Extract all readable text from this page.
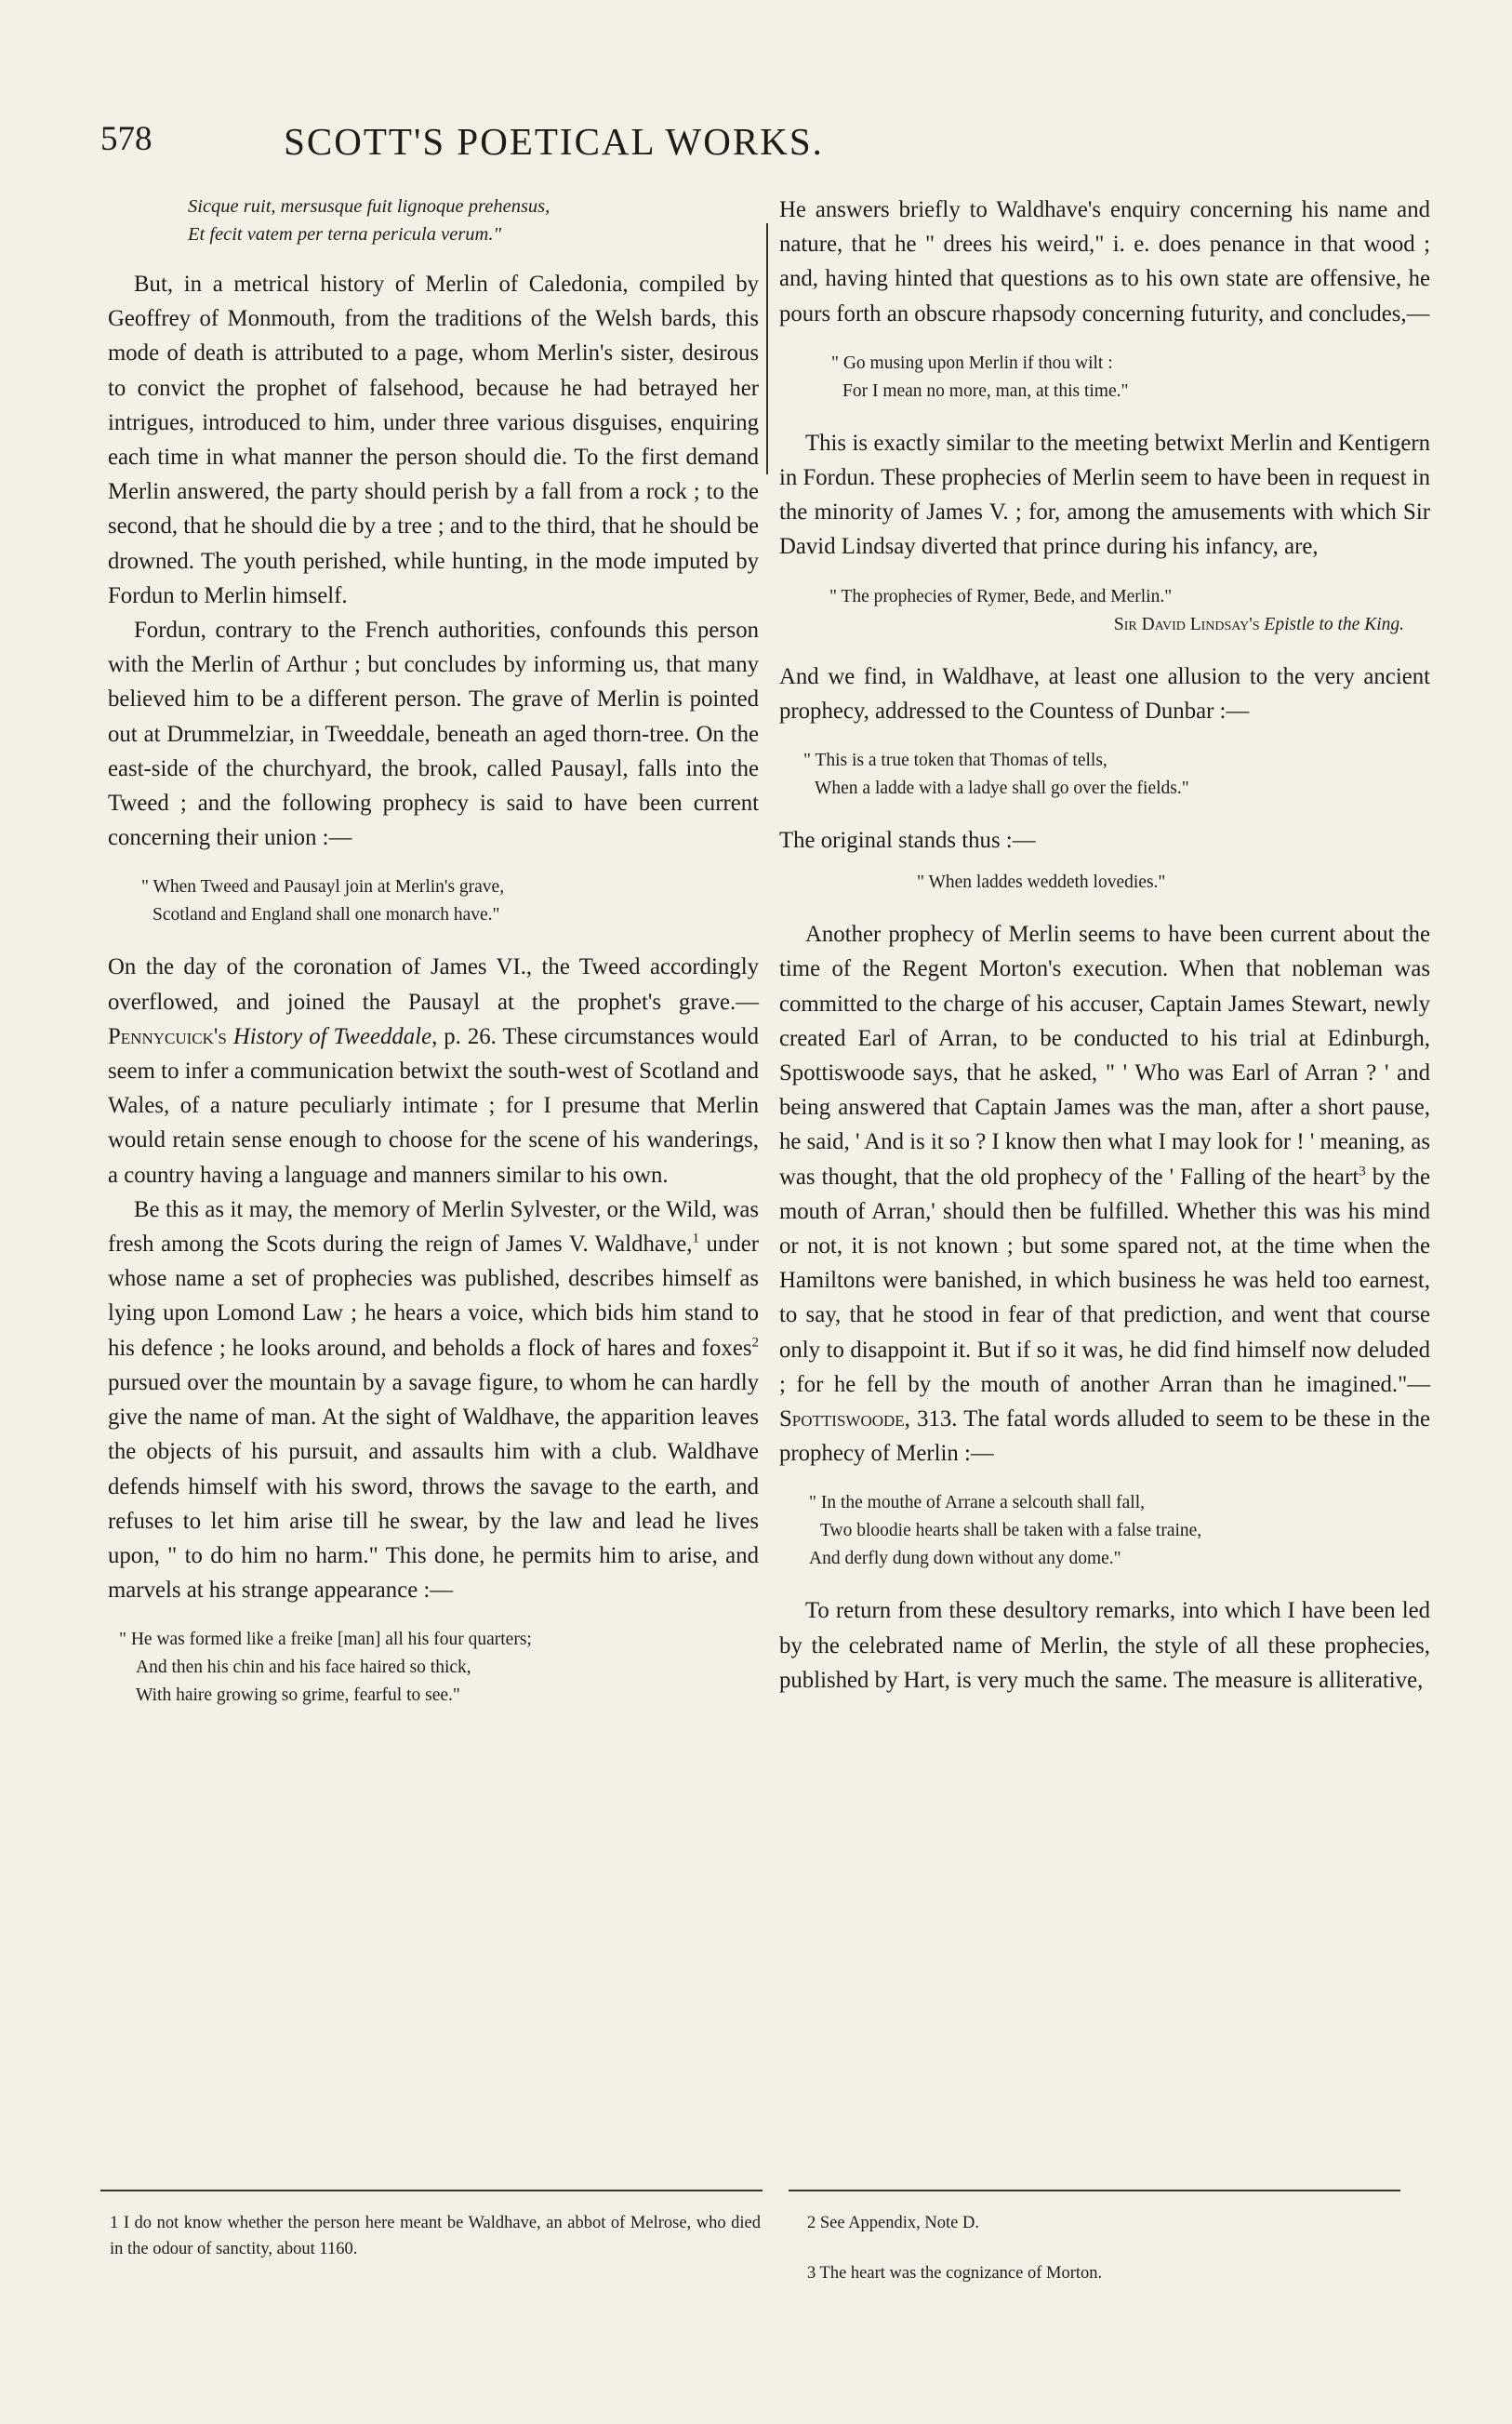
578	SCOTT'S POETICAL WORKS.
Sicque ruit, mersusque fuit lignoque prehensus,
Et fecit vatem per terna pericula verum."

But, in a metrical history of Merlin of Caledonia, compiled by Geoffrey of Monmouth, from the traditions of the Welsh bards, this mode of death is attributed to a page, whom Merlin's sister, desirous to convict the prophet of falsehood, because he had betrayed her intrigues, introduced to him, under three various disguises, enquiring each time in what manner the person should die. To the first demand Merlin answered, the party should perish by a fall from a rock ; to the second, that he should die by a tree ; and to the third, that he should be drowned. The youth perished, while hunting, in the mode imputed by Fordun to Merlin himself.

Fordun, contrary to the French authorities, confounds this person with the Merlin of Arthur ; but concludes by informing us, that many believed him to be a different person. The grave of Merlin is pointed out at Drummelziar, in Tweeddale, beneath an aged thorn-tree. On the east-side of the churchyard, the brook, called Pausayl, falls into the Tweed ; and the following prophecy is said to have been current concerning their union :—

" When Tweed and Pausayl join at Merlin's grave,
Scotland and England shall one monarch have."

On the day of the coronation of James VI., the Tweed accordingly overflowed, and joined the Pausayl at the prophet's grave.—Pennycuick's History of Tweeddale, p. 26. These circumstances would seem to infer a communication betwixt the south-west of Scotland and Wales, of a nature peculiarly intimate ; for I presume that Merlin would retain sense enough to choose for the scene of his wanderings, a country having a language and manners similar to his own.

Be this as it may, the memory of Merlin Sylvester, or the Wild, was fresh among the Scots during the reign of James V. Waldhave,$^1$ under whose name a set of prophecies was published, describes himself as lying upon Lomond Law ; he hears a voice, which bids him stand to his defence ; he looks around, and beholds a flock of hares and foxes$^2$ pursued over the mountain by a savage figure, to whom he can hardly give the name of man. At the sight of Waldhave, the apparition leaves the objects of his pursuit, and assaults him with a club. Waldhave defends himself with his sword, throws the savage to the earth, and refuses to let him arise till he swear, by the law and lead he lives upon, " to do him no harm." This done, he permits him to arise, and marvels at his strange appearance :—

" He was formed like a freike [man] all his four quarters;
And then his chin and his face haired so thick,
With haire growing so grime, fearful to see."

He answers briefly to Waldhave's enquiry concerning his name and nature, that he " drees his weird," i. e. does penance in that wood ; and, having hinted that questions as to his own state are offensive, he pours forth an obscure rhapsody concerning futurity, and concludes,—

" Go musing upon Merlin if thou wilt :
For I mean no more, man, at this time."

This is exactly similar to the meeting betwixt Merlin and Kentigern in Fordun. These prophecies of Merlin seem to have been in request in the minority of James V. ; for, among the amusements with which Sir David Lindsay diverted that prince during his infancy, are,

" The prophecies of Rymer, Bede, and Merlin."
Sir David Lindsay's Epistle to the King.

And we find, in Waldhave, at least one allusion to the very ancient prophecy, addressed to the Countess of Dunbar :—

" This is a true token that Thomas of tells,
When a ladde with a ladye shall go over the fields."

The original stands thus :—

" When laddes weddeth lovedies."

Another prophecy of Merlin seems to have been current about the time of the Regent Morton's execution. When that nobleman was committed to the charge of his accuser, Captain James Stewart, newly created Earl of Arran, to be conducted to his trial at Edinburgh, Spottiswoode says, that he asked, " ' Who was Earl of Arran ? ' and being answered that Captain James was the man, after a short pause, he said, ' And is it so ? I know then what I may look for ! ' meaning, as was thought, that the old prophecy of the ' Falling of the heart$^3$ by the mouth of Arran,' should then be fulfilled. Whether this was his mind or not, it is not known ; but some spared not, at the time when the Hamiltons were banished, in which business he was held too earnest, to say, that he stood in fear of that prediction, and went that course only to disappoint it. But if so it was, he did find himself now deluded ; for he fell by the mouth of another Arran than he imagined."—Spottiswoode, 313. The fatal words alluded to seem to be these in the prophecy of Merlin :—

" In the mouthe of Arrane a selcouth shall fall,
Two bloodie hearts shall be taken with a false traine,
And derfly dung down without any dome."

To return from these desultory remarks, into which I have been led by the celebrated name of Merlin, the style of all these prophecies, published by Hart, is very much the same. The measure is alliterative,

1 I do not know whether the person here meant be Waldhave, an abbot of Melrose, who died in the odour of sanctity, about 1160.
2 See Appendix, Note D.
3 The heart was the cognizance of Morton.
